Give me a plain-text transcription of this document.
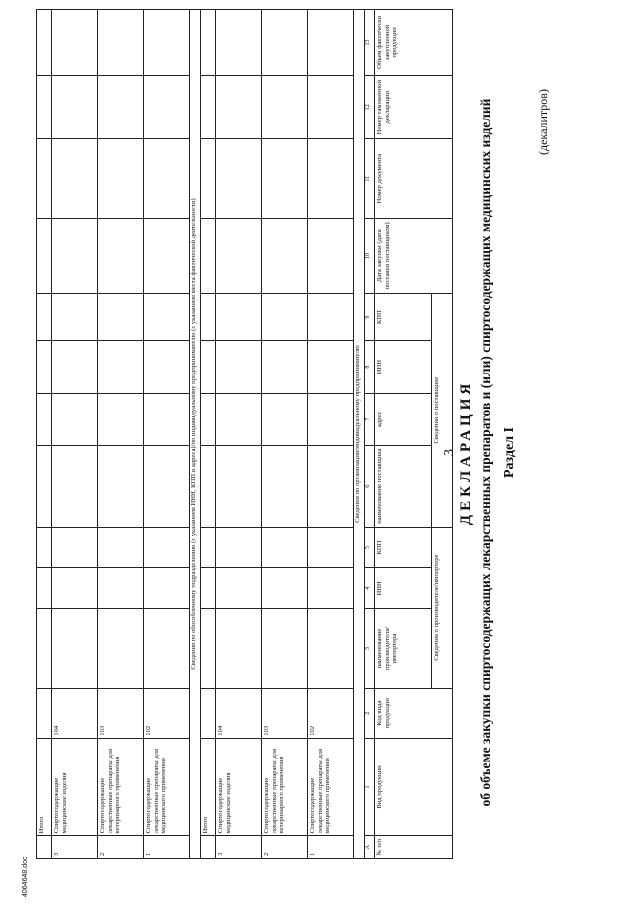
4064648.doc
	Итого												
3	Спиртосодержащие медицинские изделия	104											
2	Спиртосодержащие лекарственные препараты для ветеринарного применения	103											
1	Спиртосодержащие лекарственные препараты для медицинского применения	102											
Сведения по обособленному подразделению (с указанием ИНН, КПП и адреса)/по индивидуальному предпринимателю (с указанием места фактической деятельности)													
	Итого												
3	Спиртосодержащие медицинские изделия	104											
2	Спиртосодержащие лекарственные препараты для ветеринарного применения	103											
1	Спиртосодержащие лекарственные препараты для медицинского применения	102											
Сведения по организации/индивидуальному предпринимателю													
А	1	2	3	4	5	6	7	8	9	10	11	12	13
№ п/п	Вид продукции	Код вида продукции	наименование производителя/ импортера	ИНН	КПП	наименование поставщика	адрес	ИНН	КПП	Дата закупки (дата поставки поставщиком)	Номер документа	Номер таможенной декларации	Объем фактически закупленной продукции
			Сведения о производителе/импортере			Сведения о поставщике							
3 ДЕКЛАРАЦИЯ об объеме закупки спиртосодержащих лекарственных препаратов и (или) спиртосодержащих медицинских изделий Раздел I
(декалитров)
